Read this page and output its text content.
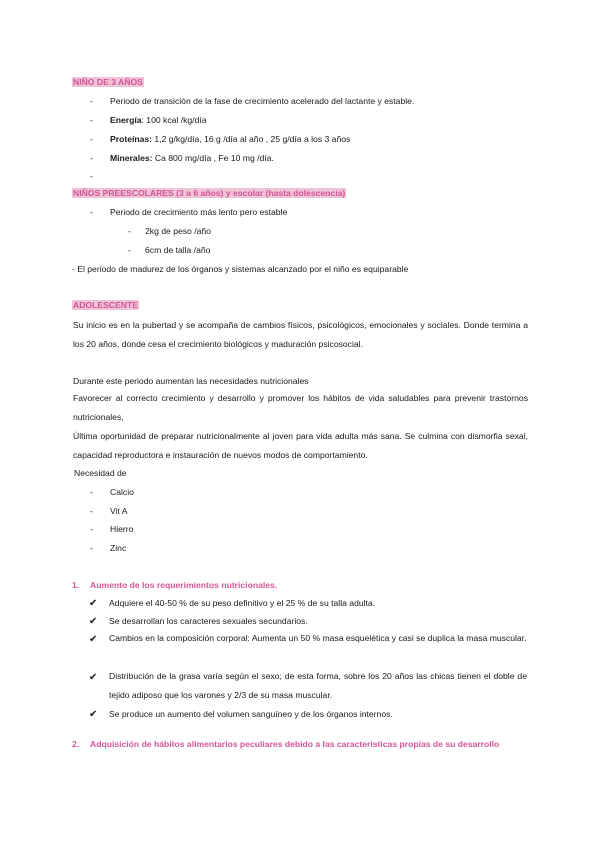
NIÑO DE 3 AÑOS
- Periodo de transición de la fase de crecimiento acelerado del lactante y estable.
- Energía: 100 kcal /kg/día
- Proteínas: 1,2 g/kg/día, 16 g /día al año , 25 g/día a los 3 años
- Minerales: Ca 800 mg/día , Fe 10 mg /día.
-
NIÑOS PREESCOLARES (3 a 6 años) y escolar (hasta dolescencia)
- Periodo de crecimiento más lento pero estable
- 2kg de peso /año
- 6cm de talla /año
- El periodo de madurez de los órganos y sistemas alcanzado por el niño es equiparable
ADOLESCENTE
Su inicio es en la pubertad y se acompaña de cambios físicos, psicológicos, emocionales y sociales. Donde termina a los 20 años, donde cesa el crecimiento biológicos y maduración psicosocial.
Durante este periodo aumentan las necesidades nutricionales
Favorecer al correcto crecimiento y desarrollo y promover los hábitos de vida saludables para prevenir trastornos nutricionales,
Última oportunidad de preparar nutricionalmente al joven para vida adulta más sana. Se culmina con dismorfia sexal, capacidad reproductora e instauración de nuevos modos de comportamiento.
Necesidad de
- Calcio
- Vit A
- Hierro
- Zinc
1. Aumento de los requerimientos nutricionales.
✔ Adquiere el 40-50 % de su peso definitivo y el 25 % de su talla adulta.
✔ Se desarrollan los caracteres sexuales secundarios.
✔ Cambios en la composición corporal: Aumenta un 50 % masa esquelética y casi se duplica la masa muscular.
✔ Distribución de la grasa varía según el sexo; de esta forma, sobre los 20 años las chicas tienen el doble de tejido adiposo que los varones y 2/3 de su masa muscular.
✔ Se produce un aumento del volumen sanguíneo y de los órganos internos.
2. Adquisición de hábitos alimentarios peculiares debido a las características propias de su desarrollo
